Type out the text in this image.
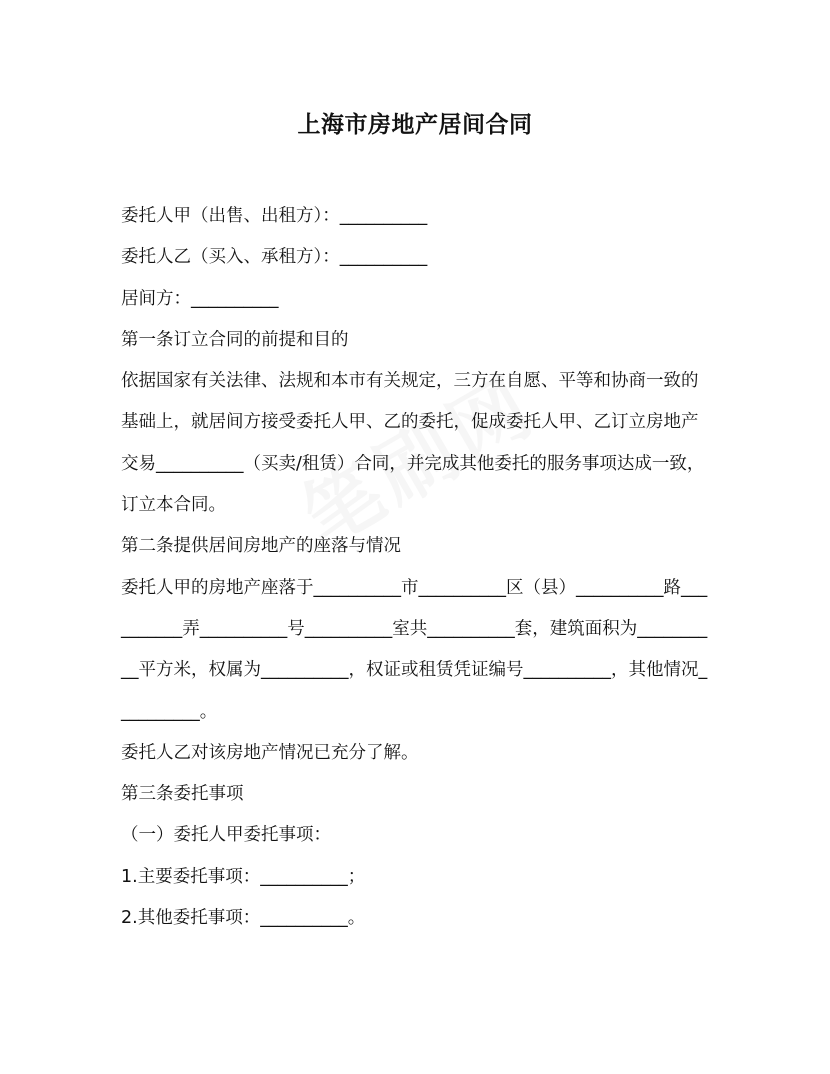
上海市房地产居间合同

委托人甲（出售、出租方）：__________

委托人乙（买入、承租方）：__________

居间方：__________

第一条订立合同的前提和目的

依据国家有关法律、法规和本市有关规定，三方在自愿、平等和协商一致的基础上，就居间方接受委托人甲、乙的委托，促成委托人甲、乙订立房地产交易__________（买卖/租赁）合同，并完成其他委托的服务事项达成一致，订立本合同。

第二条提供居间房地产的座落与情况

委托人甲的房地产座落于__________市__________区（县）__________路__________弄__________号__________室共__________套，建筑面积为__________平方米，权属为__________，权证或租赁凭证编号__________，其他情况__________。

委托人乙对该房地产情况已充分了解。

第三条委托事项

（一）委托人甲委托事项：

1.主要委托事项：__________；

2.其他委托事项：__________。
